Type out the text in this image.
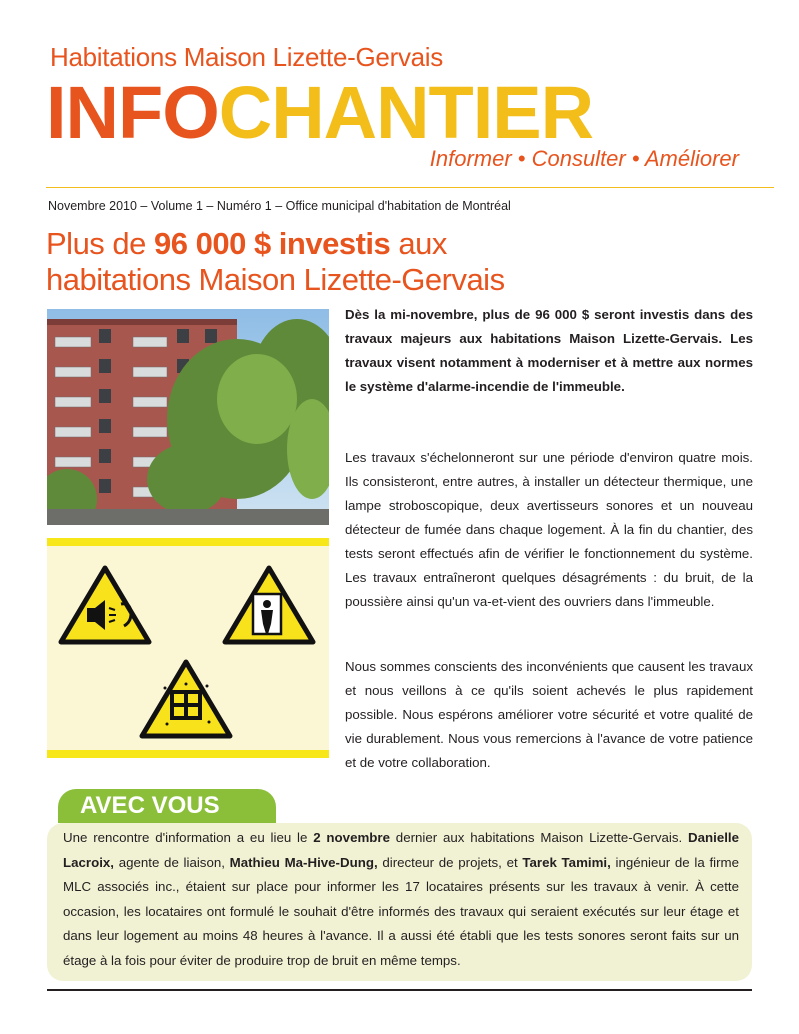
Habitations Maison Lizette-Gervais
INFOCHANTIER
Informer • Consulter • Améliorer
Novembre 2010 – Volume 1 – Numéro 1 – Office municipal d'habitation de Montréal
Plus de 96 000 $ investis aux
habitations Maison Lizette-Gervais
Dès la mi-novembre, plus de 96 000 $ seront investis dans des travaux majeurs aux habitations Maison Lizette-Gervais. Les travaux visent notamment à moderniser et à mettre aux normes le système d'alarme-incendie de l'immeuble.
Les travaux s'échelonneront sur une période d'environ quatre mois. Ils consisteront, entre autres, à installer un détecteur thermique, une lampe stroboscopique, deux avertisseurs sonores et un nouveau détecteur de fumée dans chaque logement. À la fin du chantier, des tests seront effectués afin de vérifier le fonctionnement du système. Les travaux entraîneront quelques désagréments : du bruit, de la poussière ainsi qu'un va-et-vient des ouvriers dans l'immeuble.
Nous sommes conscients des inconvénients que causent les travaux et nous veillons à ce qu'ils soient achevés le plus rapidement possible. Nous espérons améliorer votre sécurité et votre qualité de vie durablement. Nous vous remercions à l'avance de votre patience et de votre collaboration.
AVEC VOUS
Une rencontre d'information a eu lieu le 2 novembre dernier aux habitations Maison Lizette-Gervais. Danielle Lacroix, agente de liaison, Mathieu Ma-Hive-Dung, directeur de projets, et Tarek Tamimi, ingénieur de la firme MLC associés inc., étaient sur place pour informer les 17 locataires présents sur les travaux à venir. À cette occasion, les locataires ont formulé le souhait d'être informés des travaux qui seraient exécutés sur leur étage et dans leur logement au moins 48 heures à l'avance. Il a aussi été établi que les tests sonores seront faits sur un étage à la fois pour éviter de produire trop de bruit en même temps.
